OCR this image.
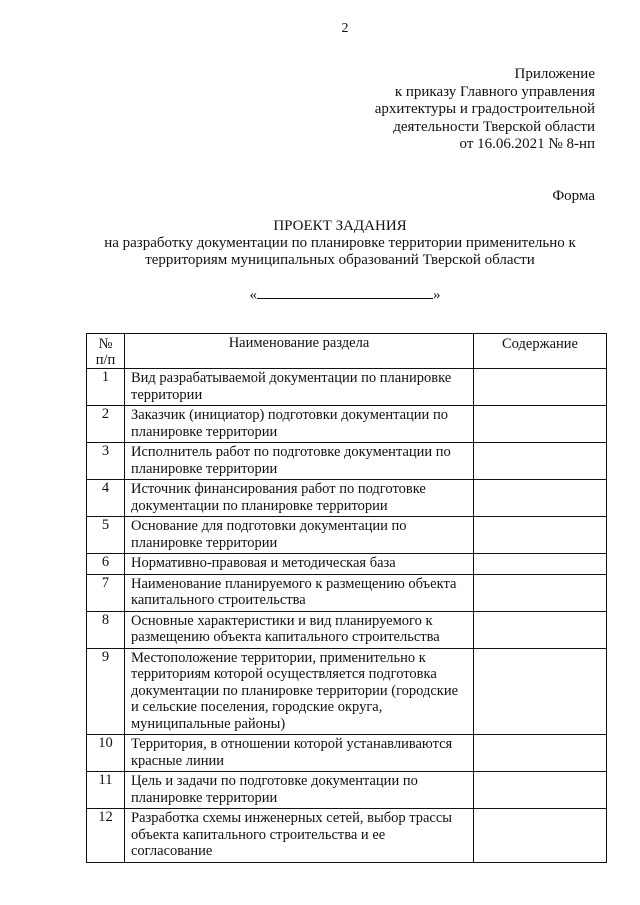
2
Приложение
к приказу Главного управления
архитектуры и градостроительной
деятельности Тверской области
от 16.06.2021 № 8-нп
Форма
ПРОЕКТ ЗАДАНИЯ
на разработку документации по планировке территории применительно к
территориям муниципальных образований Тверской области
«	»
№
п/п	Наименование раздела	Содержание
1	Вид разрабатываемой документации по планировке территории	
2	Заказчик (инициатор) подготовки документации по планировке территории	
3	Исполнитель работ по подготовке документации по планировке территории	
4	Источник финансирования работ по подготовке документации по планировке территории	
5	Основание для подготовки документации по планировке территории	
6	Нормативно-правовая и методическая база	
7	Наименование планируемого к размещению объекта капитального строительства	
8	Основные характеристики и вид планируемого к размещению объекта капитального строительства	
9	Местоположение территории, применительно к территориям которой осуществляется подготовка документации по планировке территории (городские и сельские поселения, городские округа, муниципальные районы)	
10	Территория, в отношении которой устанавливаются красные линии	
11	Цель и задачи по подготовке документации по планировке территории	
12	Разработка схемы инженерных сетей, выбор трассы объекта капитального строительства и ее согласование	
